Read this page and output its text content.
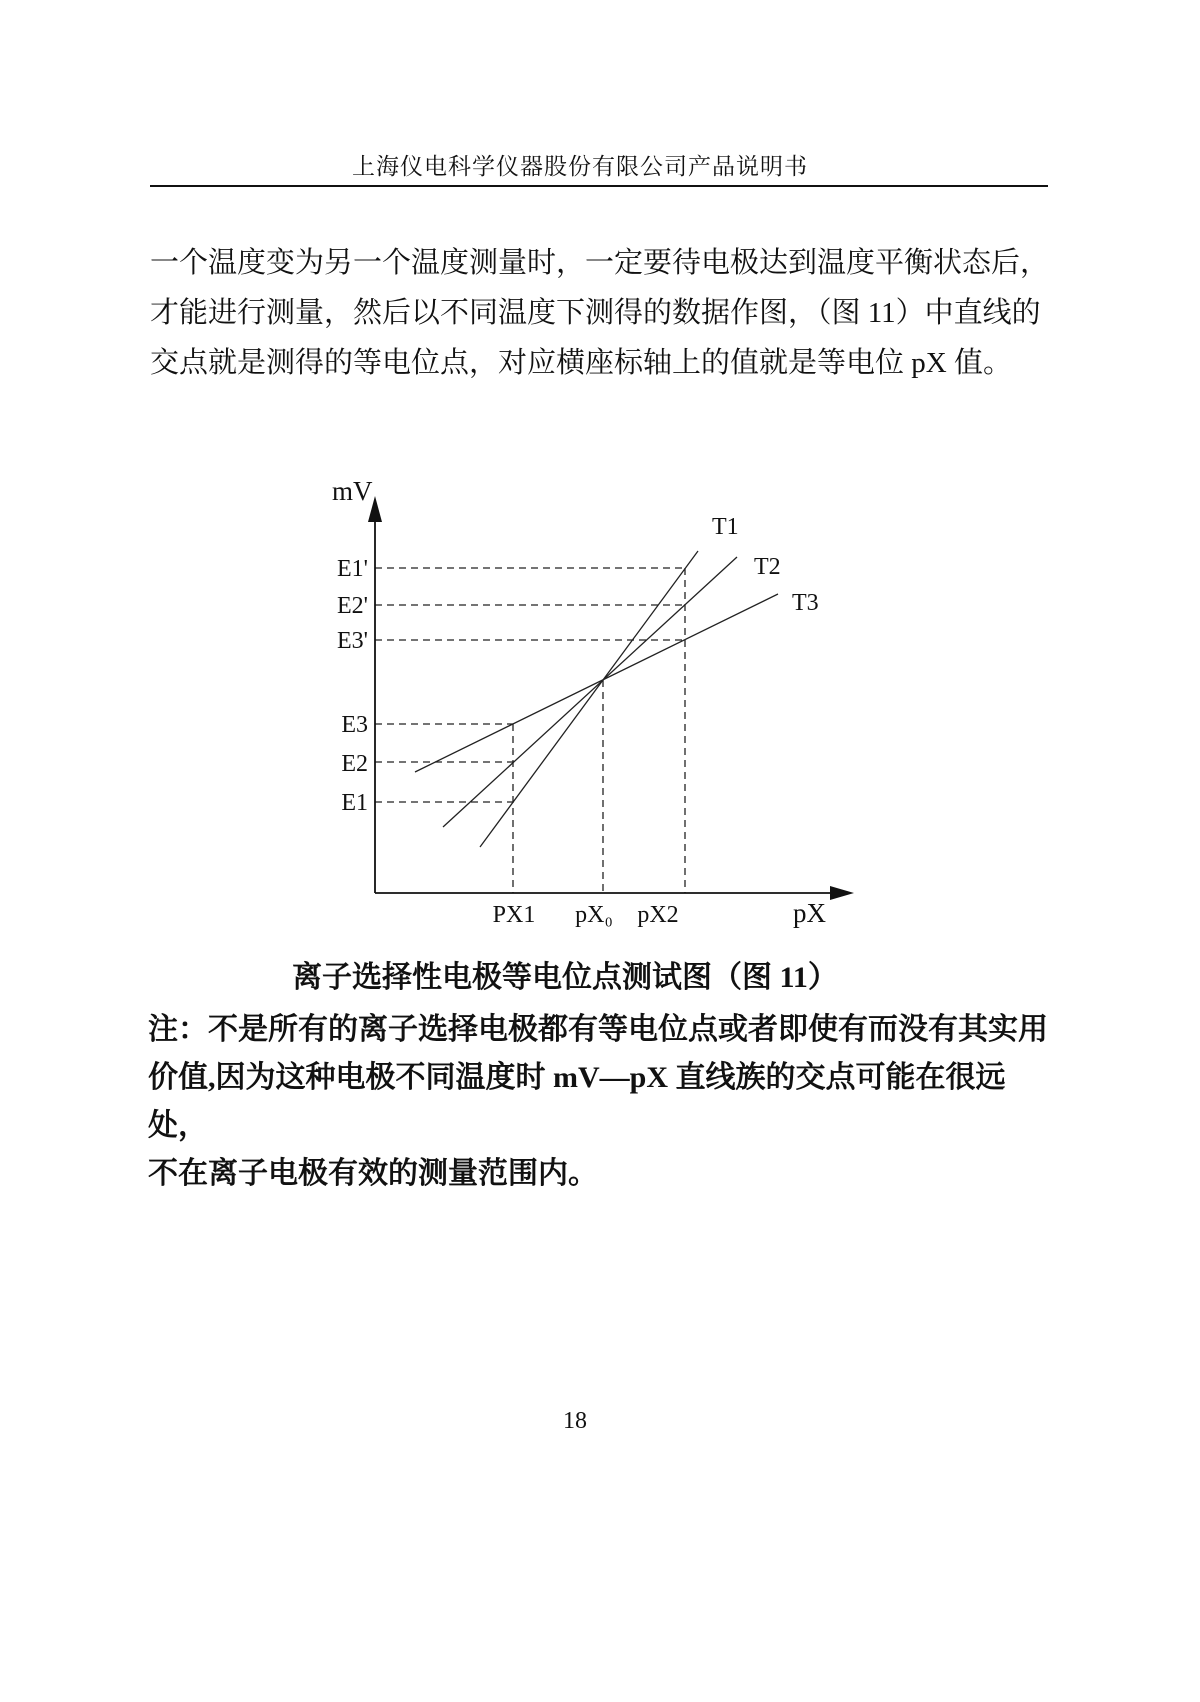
上海仪电科学仪器股份有限公司产品说明书
一个温度变为另一个温度测量时，一定要待电极达到温度平衡状态后，
才能进行测量，然后以不同温度下测得的数据作图，（图 11）中直线的
交点就是测得的等电位点，对应横座标轴上的值就是等电位 pX 值。
mV
pX
E1'
E2'
E3'
E3
E2
E1
T1
T2
T3
PX1 pX₀ pX2
离子选择性电极等电位点测试图（图 11）
注：不是所有的离子选择电极都有等电位点或者即使有而没有其实用
价值,因为这种电极不同温度时 mV—pX 直线族的交点可能在很远处，
不在离子电极有效的测量范围内。
18
